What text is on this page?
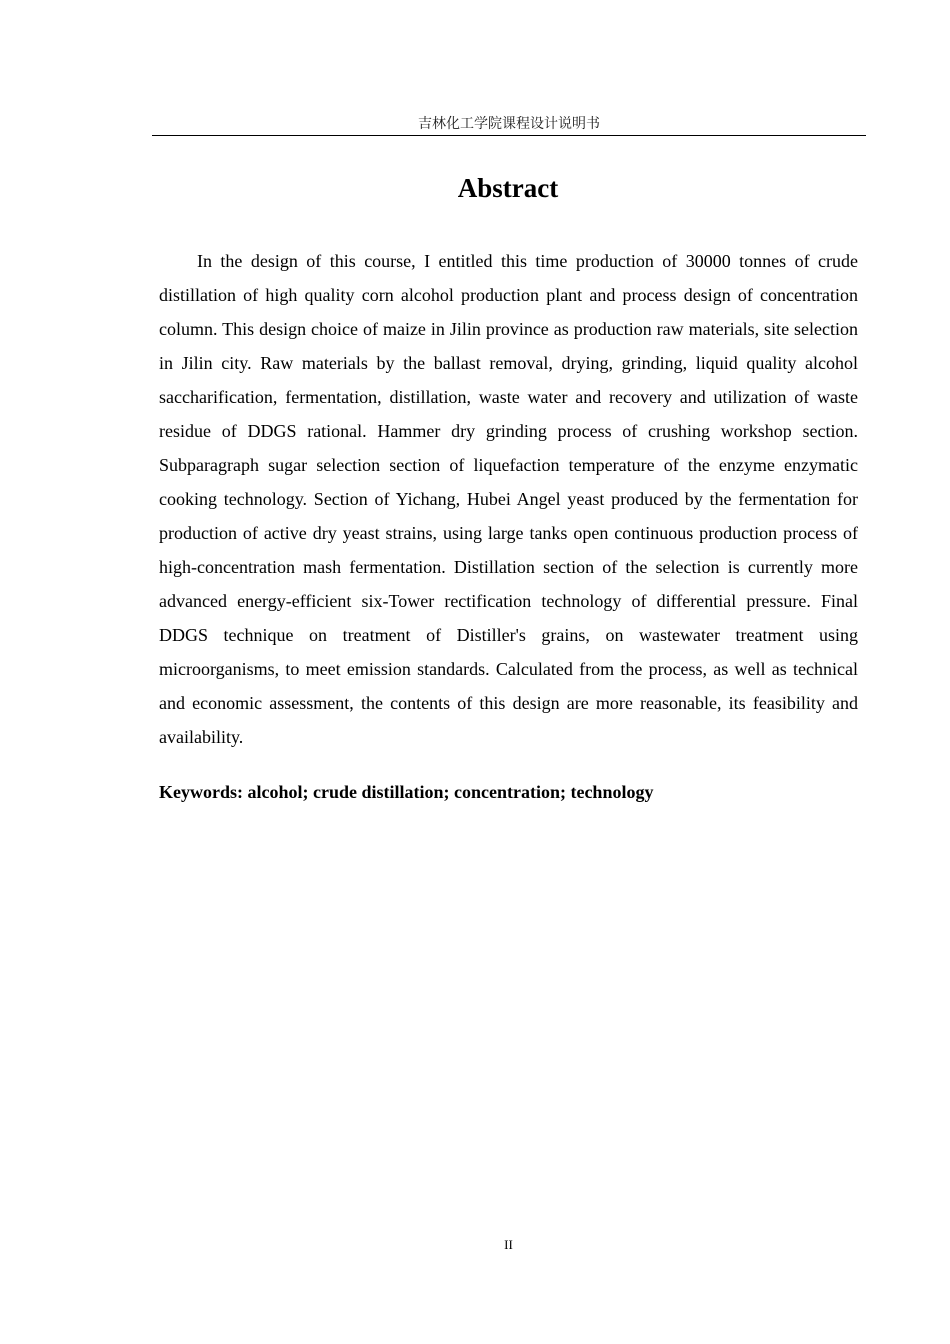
吉林化工学院课程设计说明书
Abstract

In the design of this course, I entitled this time production of 30000 tonnes of crude distillation of high quality corn alcohol production plant and process design of concentration column. This design choice of maize in Jilin province as production raw materials, site selection in Jilin city. Raw materials by the ballast removal, drying, grinding, liquid quality alcohol saccharification, fermentation, distillation, waste water and recovery and utilization of waste residue of DDGS rational. Hammer dry grinding process of crushing workshop section. Subparagraph sugar selection section of liquefaction temperature of the enzyme enzymatic cooking technology. Section of Yichang, Hubei Angel yeast produced by the fermentation for production of active dry yeast strains, using large tanks open continuous production process of high-concentration mash fermentation. Distillation section of the selection is currently more advanced energy-efficient six-Tower rectification technology of differential pressure. Final DDGS technique on treatment of Distiller's grains, on wastewater treatment using microorganisms, to meet emission standards. Calculated from the process, as well as technical and economic assessment, the contents of this design are more reasonable, its feasibility and availability.

Keywords: alcohol; crude distillation; concentration; technology

II
